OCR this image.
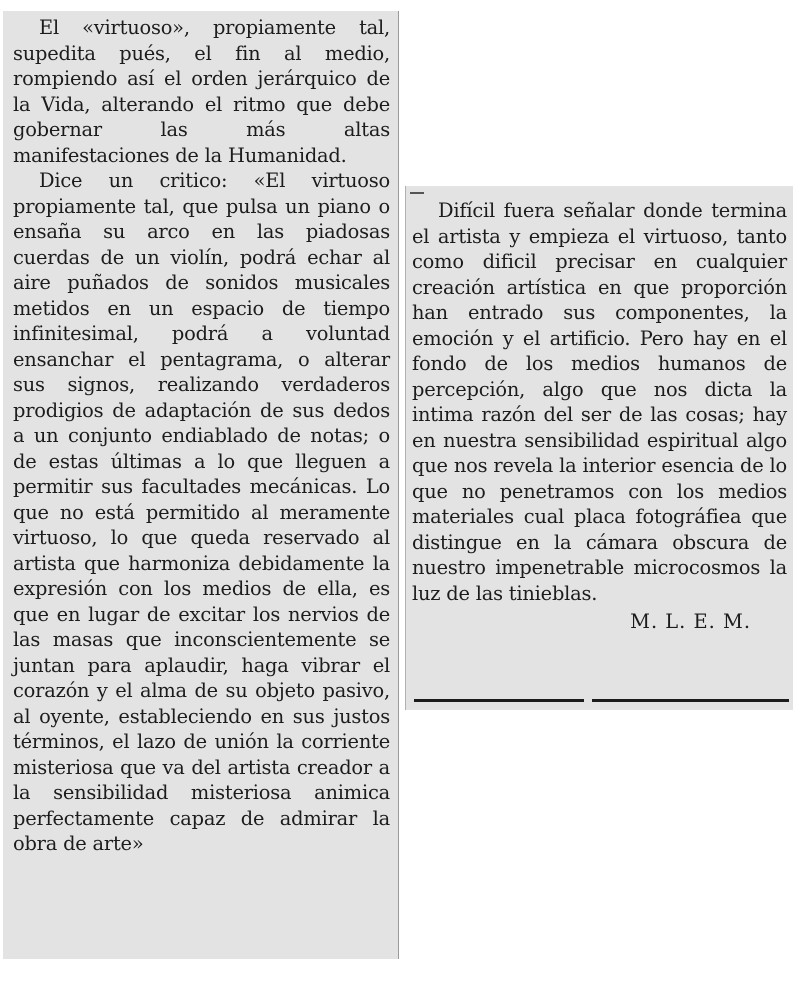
El «virtuoso», propiamente tal, supedita pués, el fin al medio, rompiendo así el orden jerárquico de la Vida, alterando el ritmo que debe gobernar las más altas manifestaciones de la Humanidad.

Dice un critico: «El virtuoso propiamente tal, que pulsa un piano o ensaña su arco en las piadosas cuerdas de un violín, podrá echar al aire puñados de sonidos musicales metidos en un espacio de tiempo infinitesimal, podrá a voluntad ensanchar el pentagrama, o alterar sus signos, realizando verdaderos prodigios de adaptación de sus dedos a un conjunto endiablado de notas; o de estas últimas a lo que lleguen a permitir sus facultades mecánicas. Lo que no está permitido al meramente virtuoso, lo que queda reservado al artista que harmoniza debidamente la expresión con los medios de ella, es que en lugar de excitar los nervios de las masas que inconscientemente se juntan para aplaudir, haga vibrar el corazón y el alma de su objeto pasivo, al oyente, estableciendo en sus justos términos, el lazo de unión la corriente misteriosa que va del artista creador a la sensibilidad misteriosa animica perfectamente capaz de admirar la obra de arte»

Difícil fuera señalar donde termina el artista y empieza el virtuoso, tanto como dificil precisar en cualquier creación artística en que proporción han entrado sus componentes, la emoción y el artificio. Pero hay en el fondo de los medios humanos de percepción, algo que nos dicta la intima razón del ser de las cosas; hay en nuestra sensibilidad espiritual algo que nos revela la interior esencia de lo que no penetramos con los medios materiales cual placa fotográfiea que distingue en la cámara obscura de nuestro impenetrable microcosmos la luz de las tinieblas.

M. L. E. M.
